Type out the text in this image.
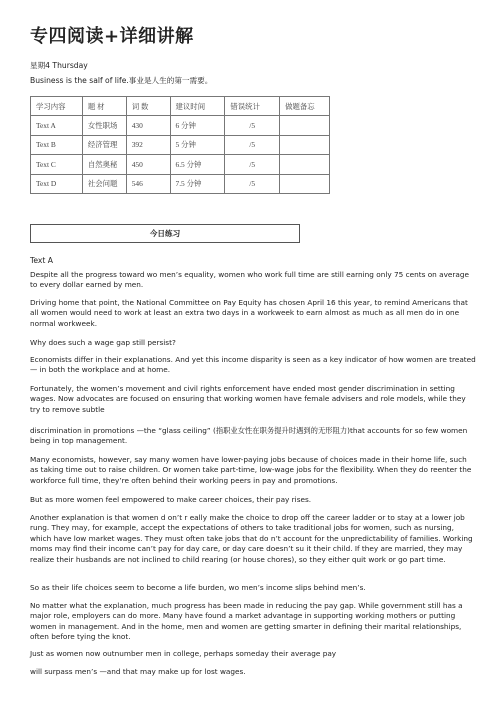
专四阅读+详细讲解
星期4 Thursday
Business is the salf of life.事业是人生的第一需要。
学习内容	题 材	词 数	建议时间	错误统计	做题备忘
Text A	女性职场	430	6 分钟	/5	
Text B	经济管理	392	5 分钟	/5	
Text C	自然奥秘	450	6.5 分钟	/5	
Text D	社会问题	546	7.5 分钟	/5	
今日练习
Text A
Despite all the progress toward wo men’s equality, women who work full time are still earning only 75 cents on average to every dollar earned by men.
Driving home that point, the National Committee on Pay Equity has chosen April 16 this year, to remind Americans that all women would need to work at least an extra two days in a workweek to earn almost as much as all men do in one normal workweek.
Why does such a wage gap still persist?
Economists differ in their explanations. And yet this income disparity is seen as a key indicator of how women are treated — in both the workplace and at home.
Fortunately, the women’s movement and civil rights enforcement have ended most gender discrimination in setting wages. Now advocates are focused on ensuring that working women have female advisers and role models, while they try to remove subtle
discrimination in promotions —the “glass ceiling” (指职业女性在职务提升时遇到的无形阻力)that accounts for so few women being in top management.
Many economists, however, say many women have lower-paying jobs because of choices made in their home life, such as taking time out to raise children. Or women take part-time, low-wage jobs for the flexibility. When they do reenter the workforce full time, they’re often behind their working peers in pay and promotions.
But as more women feel empowered to make career choices, their pay rises.
Another explanation is that women d on’t r eally make the choice to drop off the career ladder or to stay at a lower job rung. They may, for example, accept the expectations of others to take traditional jobs for women, such as nursing, which have low market wages. They must often take jobs that do n’t account for the unpredictability of families. Working moms may find their income can’t pay for day care, or day care doesn’t su it their child. If they are married, they may realize their husbands are not inclined to child rearing (or house chores), so they either quit work or go part time.
So as their life choices seem to become a life burden, wo men’s income slips behind men’s.
No matter what the explanation, much progress has been made in reducing the pay gap. While government still has a major role, employers can do more. Many have found a market advantage in supporting working mothers or putting women in management. And in the home, men and women are getting smarter in defining their marital relationships, often before tying the knot.
Just as women now outnumber men in college, perhaps someday their average pay
will surpass men’s —and that may make up for lost wages.
